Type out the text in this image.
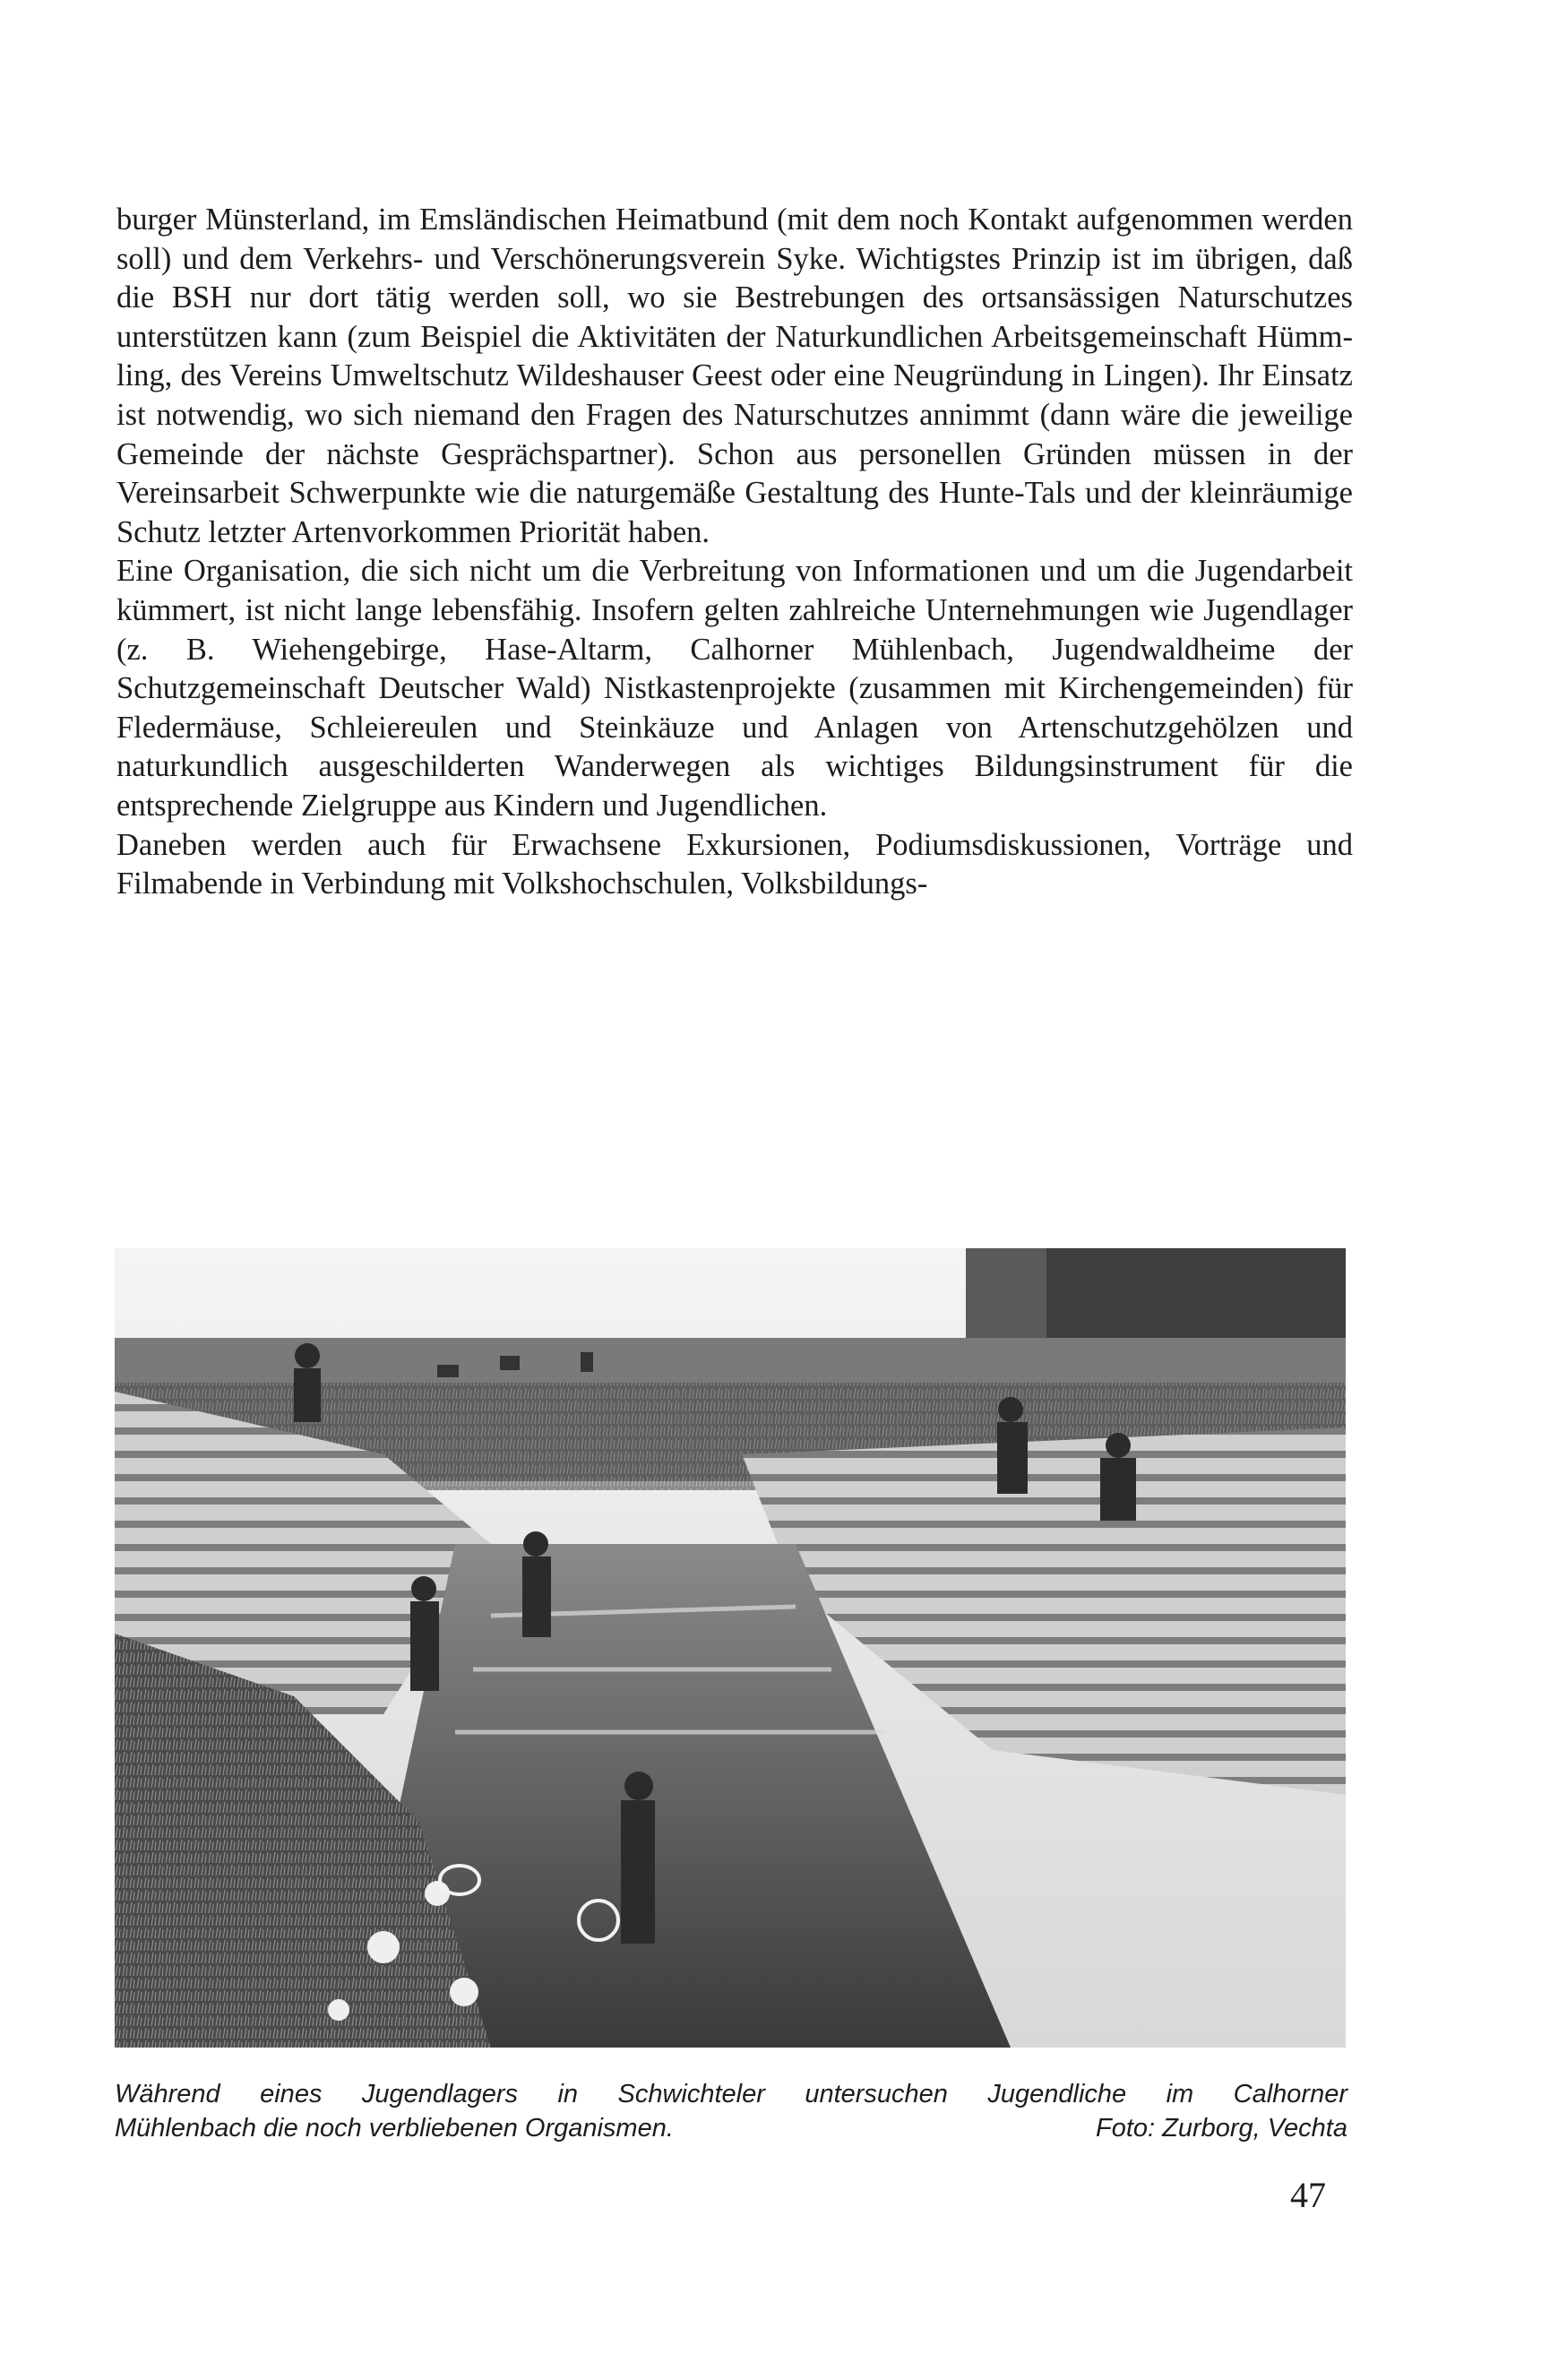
burger Münsterland, im Emsländischen Heimatbund (mit dem noch Kontakt aufgenommen werden soll) und dem Verkehrs- und Verschönerungsverein Syke. Wichtigstes Prinzip ist im übrigen, daß die BSH nur dort tätig werden soll, wo sie Bestrebungen des ortsansässigen Naturschutzes unterstützen kann (zum Beispiel die Aktivitäten der Naturkundlichen Arbeitsgemeinschaft Hümmling, des Vereins Umweltschutz Wildeshauser Geest oder eine Neugründung in Lingen). Ihr Einsatz ist notwendig, wo sich niemand den Fragen des Naturschutzes annimmt (dann wäre die jeweilige Gemeinde der nächste Gesprächspartner). Schon aus personellen Gründen müssen in der Vereinsarbeit Schwerpunkte wie die naturgemäße Gestaltung des Hunte-Tals und der kleinräumige Schutz letzter Artenvorkommen Priorität haben.

Eine Organisation, die sich nicht um die Verbreitung von Informationen und um die Jugendarbeit kümmert, ist nicht lange lebensfähig. Insofern gelten zahlreiche Unternehmungen wie Jugendlager (z. B. Wiehengebirge, Hase-Altarm, Calhorner Mühlenbach, Jugendwaldheime der Schutzgemeinschaft Deutscher Wald) Nistkastenprojekte (zusammen mit Kirchengemeinden) für Fledermäuse, Schleiereulen und Steinkäuze und Anlagen von Artenschutzgehölzen und naturkundlich ausgeschilderten Wanderwegen als wichtiges Bildungsinstrument für die entsprechende Zielgruppe aus Kindern und Jugendlichen.

Daneben werden auch für Erwachsene Exkursionen, Podiumsdiskussionen, Vorträge und Filmabende in Verbindung mit Volkshochschulen, Volksbildungs-

Während eines Jugendlagers in Schwichteler untersuchen Jugendliche im Calhorner
Mühlenbach die noch verbliebenen Organismen.	Foto: Zurborg, Vechta
47
